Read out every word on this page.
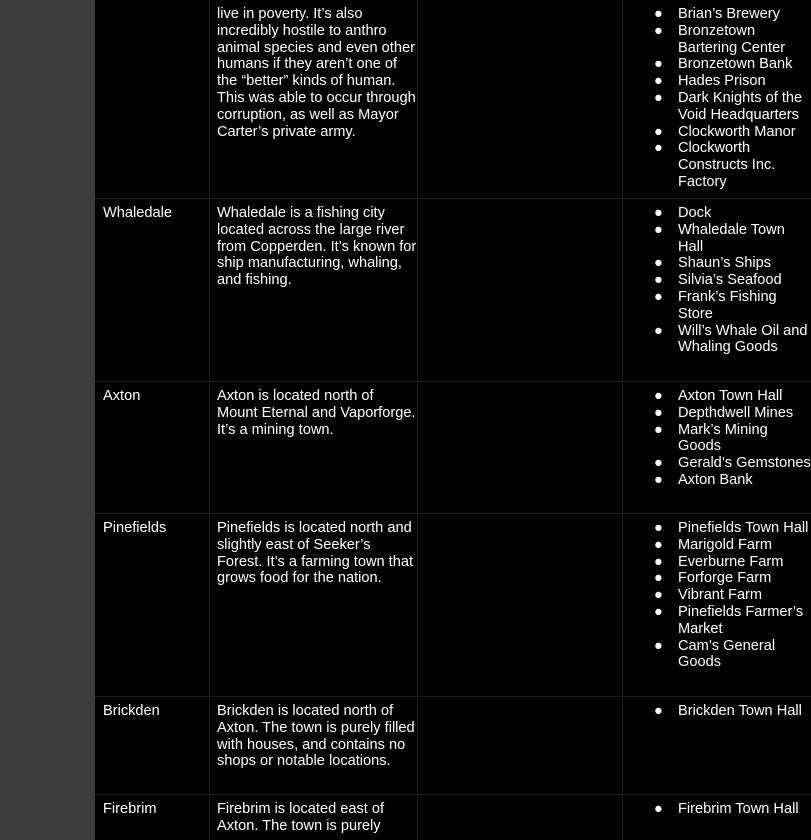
live in poverty. It’s also incredibly hostile to anthro animal species and even other humans if they aren’t one of the “better” kinds of human. This was able to occur through corruption, as well as Mayor Carter’s private army.

●	Brian’s Brewery
●	Bronzetown Bartering Center
●	Bronzetown Bank
●	Hades Prison
●	Dark Knights of the Void Headquarters
●	Clockworth Manor
●	Clockworth Constructs Inc. Factory
Whaledale	Whaledale is a fishing city located across the large river from Copperden. It’s known for ship manufacturing, whaling, and fishing.

●	Dock
●	Whaledale Town Hall
●	Shaun’s Ships
●	Silvia’s Seafood
●	Frank’s Fishing Store
●	Will’s Whale Oil and Whaling Goods
Axton	Axton is located north of Mount Eternal and Vaporforge. It’s a mining town.

●	Axton Town Hall
●	Depthdwell Mines
●	Mark’s Mining Goods
●	Gerald’s Gemstones
●	Axton Bank
Pinefields	Pinefields is located north and slightly east of Seeker’s Forest. It’s a farming town that grows food for the nation.

●	Pinefields Town Hall
●	Marigold Farm
●	Everburne Farm
●	Forforge Farm
●	Vibrant Farm
●	Pinefields Farmer’s Market
●	Cam’s General Goods
Brickden	Brickden is located north of Axton. The town is purely filled with houses, and contains no shops or notable locations.

●	Brickden Town Hall
Firebrim	Firebrim is located east of Axton. The town is purely

●	Firebrim Town Hall
